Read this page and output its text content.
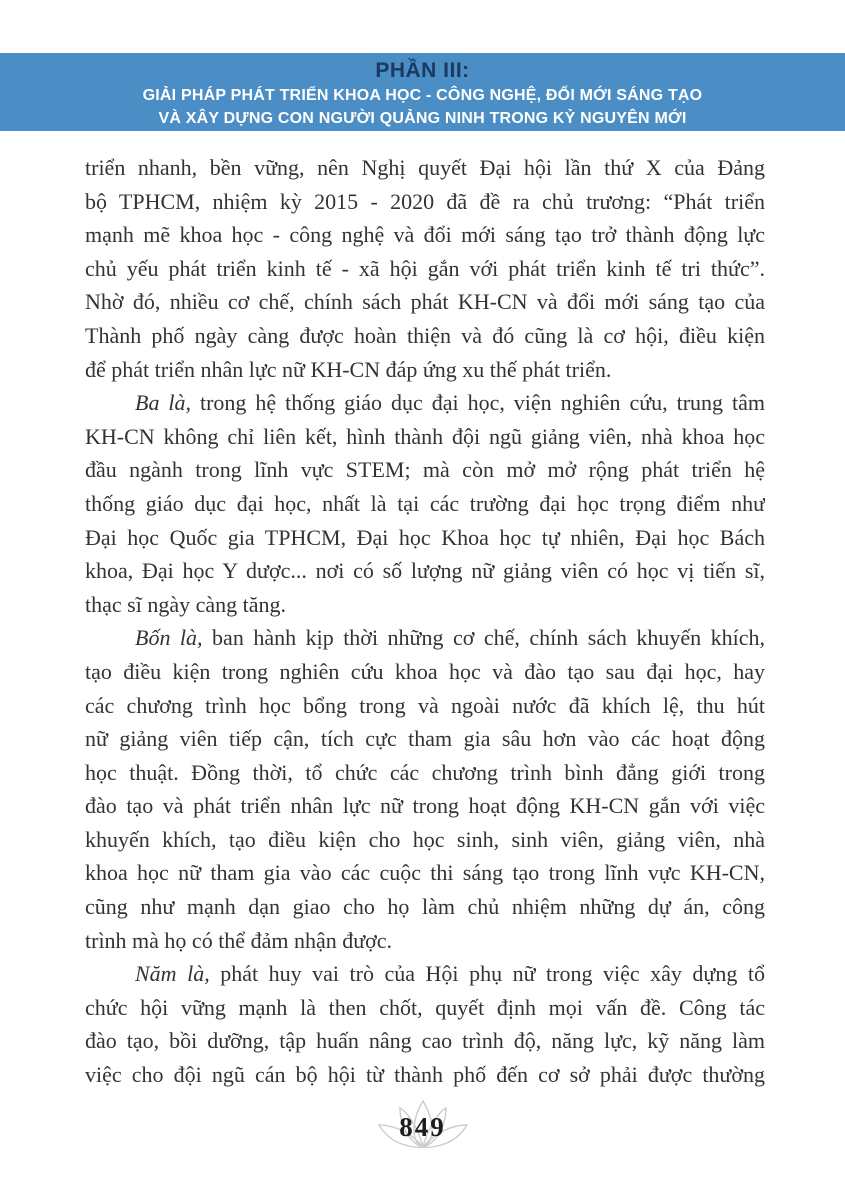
PHẦN III:
GIẢI PHÁP PHÁT TRIỂN KHOA HỌC - CÔNG NGHỆ, ĐỔI MỚI SÁNG TẠO
VÀ XÂY DỰNG CON NGƯỜI QUẢNG NINH TRONG KỶ NGUYÊN MỚI
triển nhanh, bền vững, nên Nghị quyết Đại hội lần thứ X của Đảng
bộ TPHCM, nhiệm kỳ 2015 - 2020 đã đề ra chủ trương: “Phát triển
mạnh mẽ khoa học - công nghệ và đổi mới sáng tạo trở thành động lực
chủ yếu phát triển kinh tế - xã hội gắn với phát triển kinh tế tri thức”.
Nhờ đó, nhiều cơ chế, chính sách phát KH-CN và đổi mới sáng tạo của
Thành phố ngày càng được hoàn thiện và đó cũng là cơ hội, điều kiện
để phát triển nhân lực nữ KH-CN đáp ứng xu thế phát triển.
Ba là, trong hệ thống giáo dục đại học, viện nghiên cứu, trung tâm
KH-CN không chỉ liên kết, hình thành đội ngũ giảng viên, nhà khoa học
đầu ngành trong lĩnh vực STEM; mà còn mở mở rộng phát triển hệ
thống giáo dục đại học, nhất là tại các trường đại học trọng điểm như
Đại học Quốc gia TPHCM, Đại học Khoa học tự nhiên, Đại học Bách
khoa, Đại học Y dược... nơi có số lượng nữ giảng viên có học vị tiến sĩ,
thạc sĩ ngày càng tăng.
Bốn là, ban hành kịp thời những cơ chế, chính sách khuyến khích,
tạo điều kiện trong nghiên cứu khoa học và đào tạo sau đại học, hay
các chương trình học bổng trong và ngoài nước đã khích lệ, thu hút
nữ giảng viên tiếp cận, tích cực tham gia sâu hơn vào các hoạt động
học thuật. Đồng thời, tổ chức các chương trình bình đẳng giới trong
đào tạo và phát triển nhân lực nữ trong hoạt động KH-CN gắn với việc
khuyến khích, tạo điều kiện cho học sinh, sinh viên, giảng viên, nhà
khoa học nữ tham gia vào các cuộc thi sáng tạo trong lĩnh vực KH-CN,
cũng như mạnh dạn giao cho họ làm chủ nhiệm những dự án, công
trình mà họ có thể đảm nhận được.
Năm là, phát huy vai trò của Hội phụ nữ trong việc xây dựng tổ
chức hội vững mạnh là then chốt, quyết định mọi vấn đề. Công tác
đào tạo, bồi dưỡng, tập huấn nâng cao trình độ, năng lực, kỹ năng làm
việc cho đội ngũ cán bộ hội từ thành phố đến cơ sở phải được thường
849
